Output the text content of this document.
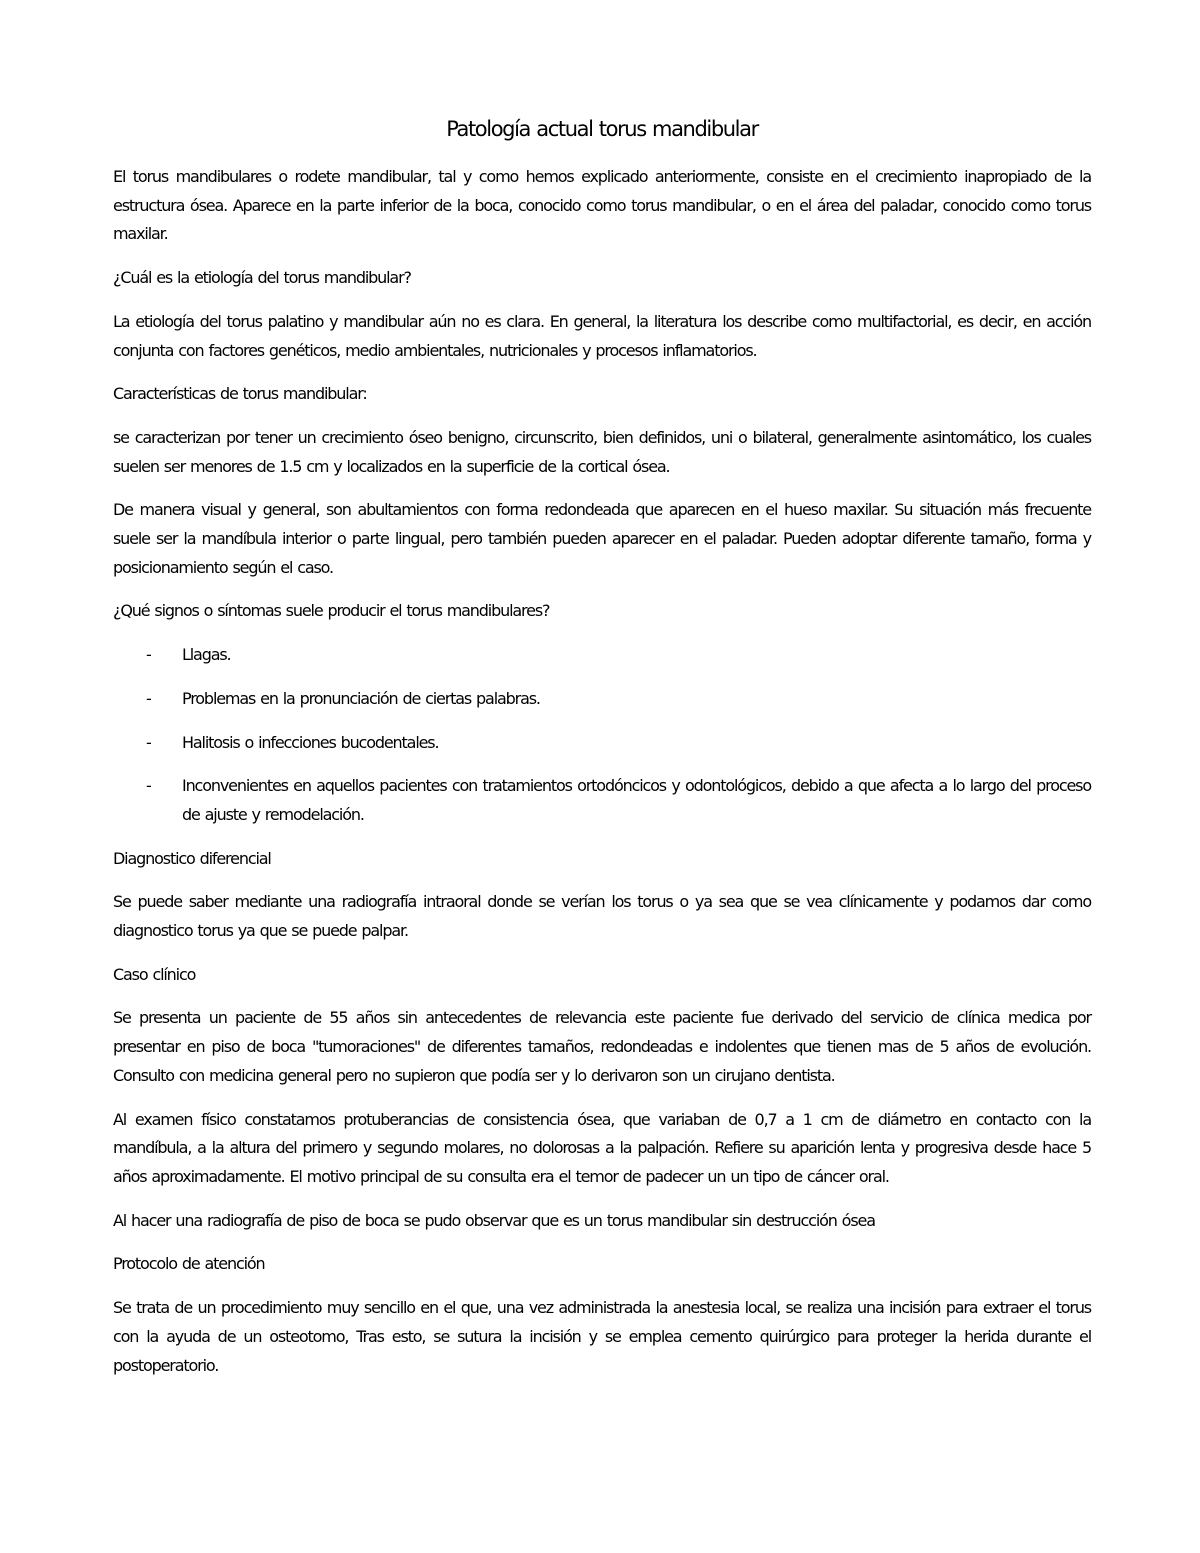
Patología actual torus mandibular

El torus mandibulares o rodete mandibular, tal y como hemos explicado anteriormente, consiste en el crecimiento inapropiado de la estructura ósea. Aparece en la parte inferior de la boca, conocido como torus mandibular, o en el área del paladar, conocido como torus maxilar.

¿Cuál es la etiología del torus mandibular?

La etiología del torus palatino y mandibular aún no es clara. En general, la literatura los describe como multifactorial, es decir, en acción conjunta con factores genéticos, medio ambientales, nutricionales y procesos inflamatorios.

Características de torus mandibular:

se caracterizan por tener un crecimiento óseo benigno, circunscrito, bien definidos, uni o bilateral, generalmente asintomático, los cuales suelen ser menores de 1.5 cm y localizados en la superficie de la cortical ósea.

De manera visual y general, son abultamientos con forma redondeada que aparecen en el hueso maxilar. Su situación más frecuente suele ser la mandíbula interior o parte lingual, pero también pueden aparecer en el paladar. Pueden adoptar diferente tamaño, forma y posicionamiento según el caso.

¿Qué signos o síntomas suele producir el torus mandibulares?

- Llagas.
- Problemas en la pronunciación de ciertas palabras.
- Halitosis o infecciones bucodentales.
- Inconvenientes en aquellos pacientes con tratamientos ortodóncicos y odontológicos, debido a que afecta a lo largo del proceso de ajuste y remodelación.

Diagnostico diferencial

Se puede saber mediante una radiografía intraoral donde se verían los torus o ya sea que se vea clínicamente y podamos dar como diagnostico torus ya que se puede palpar.

Caso clínico

Se presenta un paciente de 55 años sin antecedentes de relevancia este paciente fue derivado del servicio de clínica medica por presentar en piso de boca "tumoraciones" de diferentes tamaños, redondeadas e indolentes que tienen mas de 5 años de evolución. Consulto con medicina general pero no supieron que podía ser y lo derivaron son un cirujano dentista.

Al examen físico constatamos protuberancias de consistencia ósea, que variaban de 0,7 a 1 cm de diámetro en contacto con la mandíbula, a la altura del primero y segundo molares, no dolorosas a la palpación. Refiere su aparición lenta y progresiva desde hace 5 años aproximadamente. El motivo principal de su consulta era el temor de padecer un un tipo de cáncer oral.

Al hacer una radiografía de piso de boca se pudo observar que es un torus mandibular sin destrucción ósea

Protocolo de atención

Se trata de un procedimiento muy sencillo en el que, una vez administrada la anestesia local, se realiza una incisión para extraer el torus con la ayuda de un osteotomo, Tras esto, se sutura la incisión y se emplea cemento quirúrgico para proteger la herida durante el postoperatorio.
